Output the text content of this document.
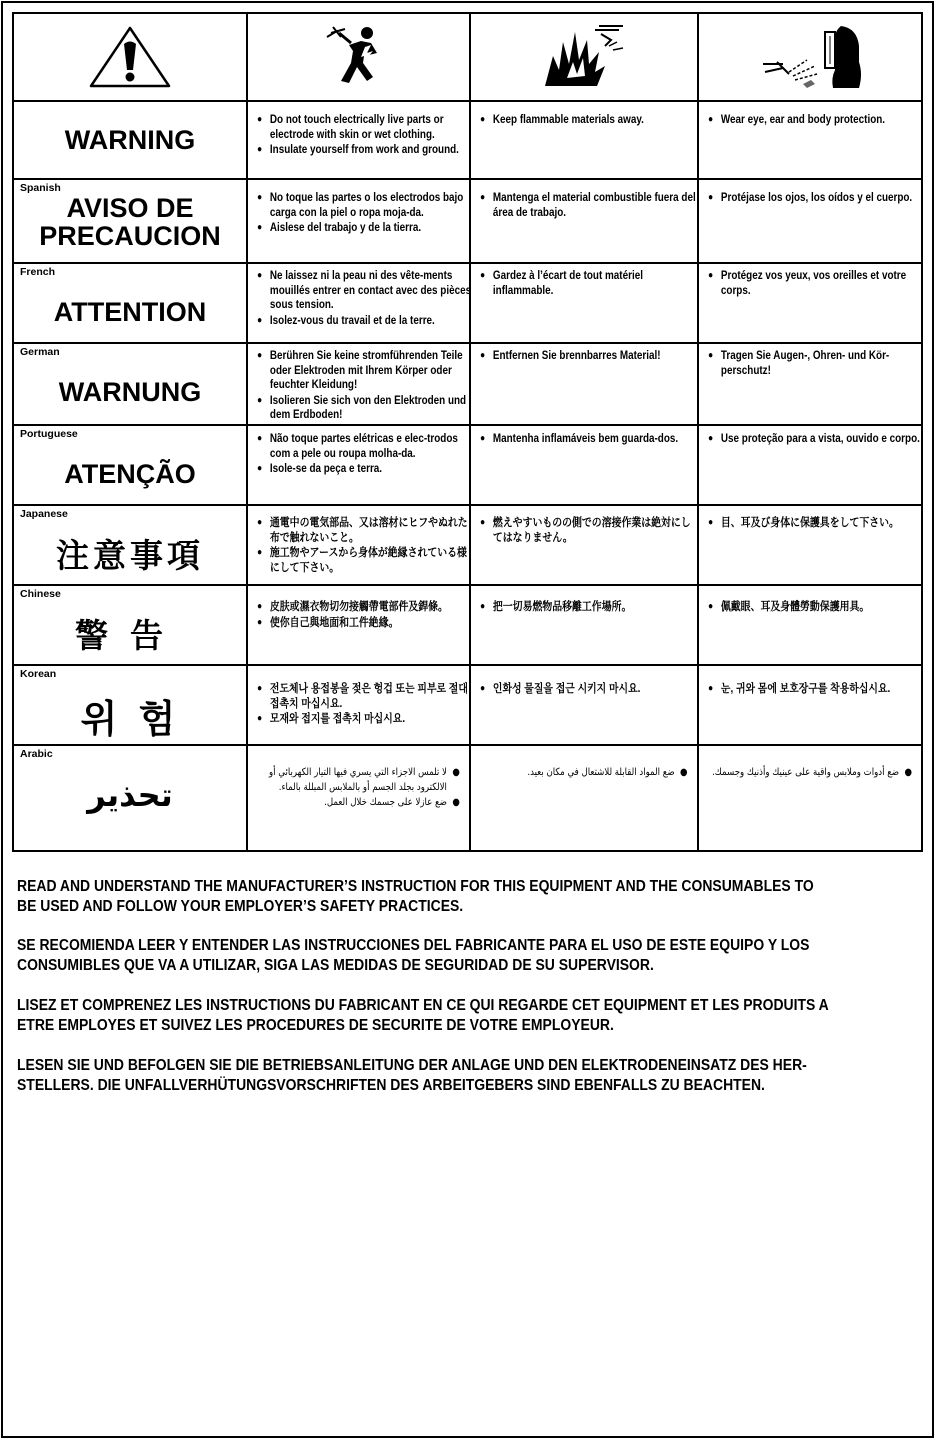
WARNING
● Do not touch electrically live parts or electrode with skin or wet clothing.
● Insulate yourself from work and ground.
● Keep flammable materials away.	● Wear eye, ear and body protection.
Spanish
AVISO DE PRECAUCION
● No toque las partes o los electrodos bajo carga con la piel o ropa moja-da.
● Aislese del trabajo y de la tierra.
● Mantenga el material combustible fuera del área de trabajo.
● Protéjase los ojos, los oídos y el cuerpo.
French
ATTENTION
● Ne laissez ni la peau ni des vête-ments mouillés entrer en contact avec des pièces sous tension.
● Isolez-vous du travail et de la terre.
● Gardez à l’écart de tout matériel inflammable.
● Protégez vos yeux, vos oreilles et votre corps.
German
WARNUNG
● Berühren Sie keine stromführenden Teile oder Elektroden mit Ihrem Körper oder feuchter Kleidung!
● Isolieren Sie sich von den Elektroden und dem Erdboden!
● Entfernen Sie brennbarres Material!	● Tragen Sie Augen-, Ohren- und Kör-perschutz!
Portuguese
ATENÇÃO
● Não toque partes elétricas e elec-trodos com a pele ou roupa molha-da.
● Isole-se da peça e terra.
● Mantenha inflamáveis bem guarda-dos.	● Use proteção para a vista, ouvido e corpo.
Japanese
注意事項
● 通電中の電気部品、又は溶材にヒフやぬれた布で触れないこと。
● 施工物やアースから身体が絶縁されている様にして下さい。
● 燃えやすいものの側での溶接作業は絶対にしてはなりません。
● 目、耳及び身体に保護具をして下さい。
Chinese
警告
● 皮肤或濕衣物切勿接觸帶電部件及銲條。
● 使你自己與地面和工件絶緣。
● 把一切易燃物品移離工作場所。	● 佩戴眼、耳及身體勞動保護用具。
Korean
위 험
● 전도체나 용접봉을 젖은 헝겁 또는 피부로 절대 접촉치 마십시요.
● 모재와 접지를 접촉치 마십시요.
● 인화성 물질을 접근 시키지 마시요.	● 눈, 귀와 몸에 보호장구를 착용하십시요.
Arabic
تحذير
● لا تلمس الاجزاء التي يسري فيها التيار الكهربائي أو الالكترود بجلد الجسم أو بالملابس المبللة بالماء.
● ضع عازلا على جسمك خلال العمل.
● ضع المواد القابلة للاشتعال في مكان بعيد.	● ضع أدوات وملابس واقية على عينيك وأذنيك وجسمك.
READ AND UNDERSTAND THE MANUFACTURER’S INSTRUCTION FOR THIS EQUIPMENT AND THE CONSUMABLES TO BE USED AND FOLLOW YOUR EMPLOYER’S SAFETY PRACTICES.
SE RECOMIENDA LEER Y ENTENDER LAS INSTRUCCIONES DEL FABRICANTE PARA EL USO DE ESTE EQUIPO Y LOS CONSUMIBLES QUE VA A UTILIZAR, SIGA LAS MEDIDAS DE SEGURIDAD DE SU SUPERVISOR.
LISEZ ET COMPRENEZ LES INSTRUCTIONS DU FABRICANT EN CE QUI REGARDE CET EQUIPMENT ET LES PRODUITS A ETRE EMPLOYES ET SUIVEZ LES PROCEDURES DE SECURITE DE VOTRE EMPLOYEUR.
LESEN SIE UND BEFOLGEN SIE DIE BETRIEBSANLEITUNG DER ANLAGE UND DEN ELEKTRODENEINSATZ DES HER-STELLERS. DIE UNFALLVERHÜTUNGSVORSCHRIFTEN DES ARBEITGEBERS SIND EBENFALLS ZU BEACHTEN.
